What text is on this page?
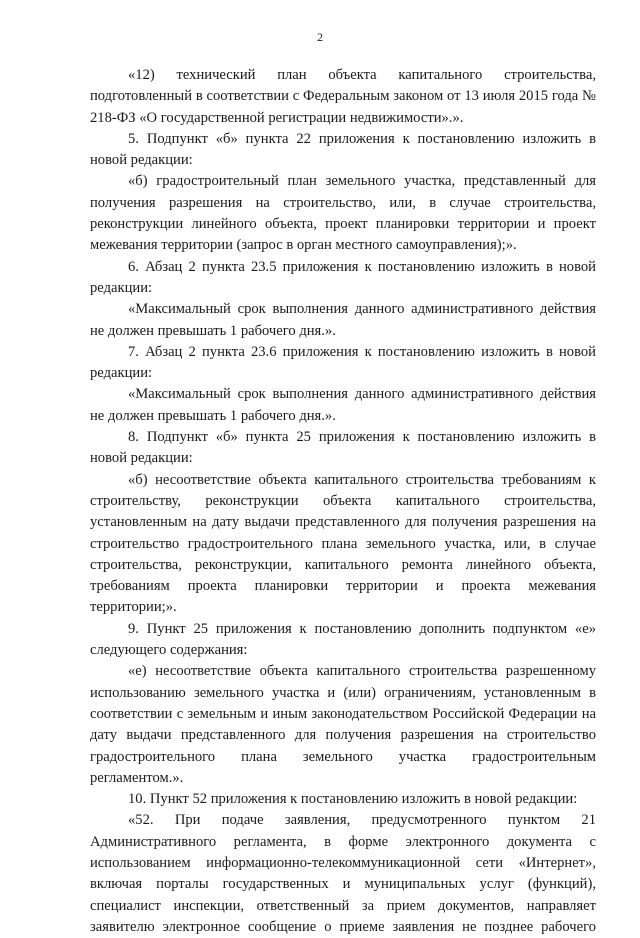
2

«12) технический план объекта капитального строительства, подготовленный в соответствии с Федеральным законом от 13 июля 2015 года № 218-ФЗ «О государственной регистрации недвижимости».».

5. Подпункт «б» пункта 22 приложения к постановлению изложить в новой редакции:

«б) градостроительный план земельного участка, представленный для получения разрешения на строительство, или, в случае строительства, реконструкции линейного объекта, проект планировки территории и проект межевания территории (запрос в орган местного самоуправления);».

6. Абзац 2 пункта 23.5 приложения к постановлению изложить в новой редакции:

«Максимальный срок выполнения данного административного действия не должен превышать 1 рабочего дня.».

7. Абзац 2 пункта 23.6 приложения к постановлению изложить в новой редакции:

«Максимальный срок выполнения данного административного действия не должен превышать 1 рабочего дня.».

8. Подпункт «б» пункта 25 приложения к постановлению изложить в новой редакции:

«б) несоответствие объекта капитального строительства требованиям к строительству, реконструкции объекта капитального строительства, установленным на дату выдачи представленного для получения разрешения на строительство градостроительного плана земельного участка, или, в случае строительства, реконструкции, капитального ремонта линейного объекта, требованиям проекта планировки территории и проекта межевания территории;».

9. Пункт 25 приложения к постановлению дополнить подпунктом «е» следующего содержания:

«е) несоответствие объекта капитального строительства разрешенному использованию земельного участка и (или) ограничениям, установленным в соответствии с земельным и иным законодательством Российской Федерации на дату выдачи представленного для получения разрешения на строительство градостроительного плана земельного участка градостроительным регламентом.».

10. Пункт 52 приложения к постановлению изложить в новой редакции:

«52. При подаче заявления, предусмотренного пунктом 21 Административного регламента, в форме электронного документа с использованием информационно-телекоммуникационной сети «Интернет», включая порталы государственных и муниципальных услуг (функций), специалист инспекции, ответственный за прием документов, направляет заявителю электронное сообщение о приеме заявления не позднее рабочего
